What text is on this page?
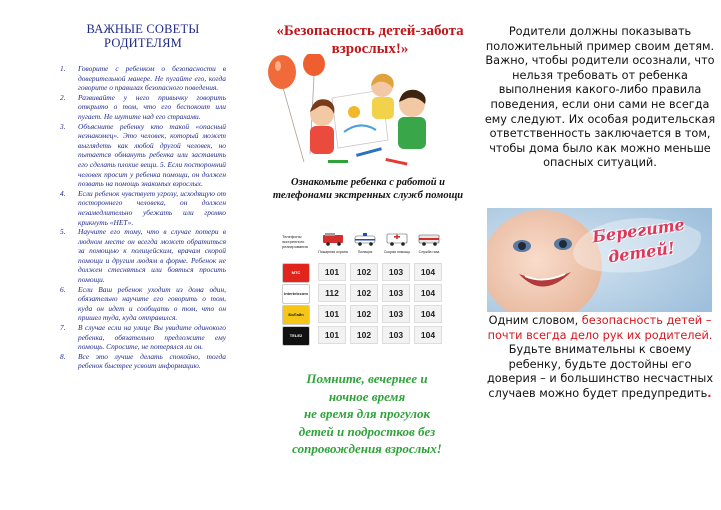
ВАЖНЫЕ СОВЕТЫ РОДИТЕЛЯМ
1. Говорите с ребенком о безопасности в доверительной манере. Не пугайте его, когда говорите о правилах безопасного поведения.
2. Развивайте у него привычку говорить открыто о том, что его беспокоит или пугает. Не шутите над его страхами.
3. Объясните ребенку кто такой «опасный незнакомец». Это человек, который может выглядеть как любой другой человек, но пытается обмануть ребенка или заставить его сделать плохие вещи. 5. Если посторонний человек просит у ребенка помощи, он должен позвать на помощь знакомых взрослых.
4. Если ребенок чувствует угрозу, исходящую от постороннего человека, он должен незамедлительно убежать или громко крикнуть «НЕТ».
5. Научите его тому, что в случае потери в людном месте он всегда может обратиться за помощью к полицейским, врачам скорой помощи и другим людям в форме. Ребенок не должен стесняться или бояться просить помощи.
6. Если Ваш ребенок уходит из дома один, обязательно научите его говорить о том, куда он идет и сообщать о том, что он пришел туда, куда отправился.
7. В случае если на улице Вы увидите одинокого ребенка, обязательно предложите ему помощь. Спросите, не потерялся ли он.
8. Все это лучше делать спокойно, тогда ребенок быстрее усвоит информацию.
«Безопасность детей-забота взрослых!»
Ознакомьте ребенка с работой и телефонами экстренных служб помощи
Телефоны экстренного реагирования
Пожарная охрана	Полиция	Скорая помощь	Служба газа
MTC	101	102	103	104
Intertelecom	112	102	103	104
БиЛайн	101	102	103	104
TELE2	101	102	103	104
Помните, вечернее и
ночное время
не время для прогулок
детей и подростков без
сопровождения взрослых!
Родители должны показывать положительный пример своим детям. Важно, чтобы родители осознали, что нельзя требовать от ребенка выполнения какого-либо правила поведения, если они сами не всегда ему следуют. Их особая родительская ответственность заключается в том, чтобы дома было как можно меньше опасных ситуаций.
Берегите детей!
Одним словом, безопасность детей – почти всегда дело рук их родителей. Будьте внимательны к своему ребенку, будьте достойны его доверия – и большинство несчастных случаев можно будет предупредить.
